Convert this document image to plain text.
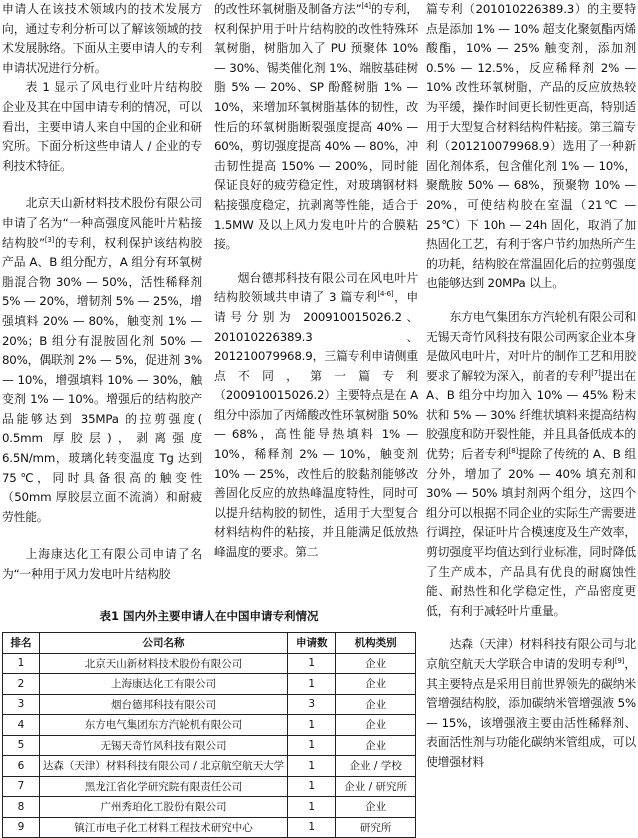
申请人在该技术领域内的技术发展方向，通过专利分析可以了解该领域的技术发展脉络。下面从主要申请人的专利申请状况进行分析。

表 1 显示了风电行业叶片结构胶企业及其在中国申请专利的情况，可以看出，主要申请人来自中国的企业和研究所。下面分析这些申请人 / 企业的专利技术特征。

北京天山新材料技术股份有限公司申请了名为“一种高强度风能叶片粘接结构胶”[3]的专利，权利保护该结构胶产品 A、B 组分配方，A 组分有环氧树脂混合物 30% — 50%，活性稀释剂 5% — 20%，增韧剂 5% — 25%，增强填料 20% — 80%，触变剂 1% — 20%；B 组分有混胺固化剂 50% — 80%，偶联剂 2% — 5%，促进剂 3% — 10%，增强填料 10% — 30%，触变剂 1% — 10%。增强后的结构胶产品能够达到 35MPa 的拉剪强度( 0.5mm 厚胶层)，剥离强度 6.5N/mm，玻璃化转变温度 Tg 达到 75℃，同时具备很高的触变性（50mm 厚胶层立面不流淌）和耐疲劳性能。

上海康达化工有限公司申请了名为“一种用于风力发电叶片结构胶

的改性环氧树脂及制备方法”[4]的专利，权利保护用于叶片结构胶的改性特殊环氧树脂，树脂加入了 PU 预聚体 10% — 30%、锡类催化剂 1%、端胺基硅树脂 5% — 20%、SP 酚醛树脂 1% — 10%，来增加环氧树脂基体的韧性，改性后的环氧树脂断裂强度提高 40% — 60%，剪切强度提高 40% — 80%，冲击韧性提高 150% — 200%，同时能保证良好的疲劳稳定性，对玻璃钢材料粘接强度稳定，抗剥离等性能，适合于 1.5MW 及以上风力发电叶片的合膜粘接。

烟台德邦科技有限公司在风电叶片结构胶领域共申请了 3 篇专利[4-6]，申请号分别为 200910015026.2、201010226389.3、201210079968.9，三篇专利申请侧重点不同，第一篇专利（200910015026.2）主要特点是在 A 组分中添加了丙烯酸改性环氧树脂 50% — 68%，高性能导热填料 1% — 10%，稀释剂 2% — 10%，触变剂 10% — 25%，改性后的胶黏剂能够改善固化反应的放热峰温度特性，同时可以提升结构胶的韧性，适用于大型复合材料结构件的粘接，并且能满足低放热峰温度的要求。第二

篇专利（201010226389.3）的主要特点是添加 1% — 10% 超支化聚氨酯丙烯酸酯，10% — 25% 触变剂，添加剂 0.5% — 12.5%，反应稀释剂 2% — 10% 改性环氧树脂，产品的反应放热较为平缓，操作时间更长韧性更高，特别适用于大型复合材料结构件粘接。第三篇专利（201210079968.9）选用了一种新固化剂体系，包含催化剂 1% — 10%，聚酰胺 50% — 68%，预聚物 10% — 20%，可使结构胶在室温（21℃ — 25℃）下 10h — 24h 固化，取消了加热固化工艺，有利于客户节约加热所产生的功耗，结构胶在常温固化后的拉剪强度也能够达到 20MPa 以上。

东方电气集团东方汽轮机有限公司和无锡天奇竹风科技有限公司两家企业本身是做风电叶片，对叶片的制作工艺和用胶要求了解较为深入，前者的专利[7]提出在 A、B 组分中均加入 10% — 45% 粉末状和 5% — 30% 纤维状填料来提高结构胶强度和防开裂性能，并且具备低成本的优势；后者专利[8]提除了传统的 A、B 组分外，增加了 20% — 40% 填充剂和 30% — 50% 填封剂两个组分，这四个组分可以根据不同企业的实际生产需要进行调控，保证叶片合模速度及生产效率，剪切强度平均值达到行业标准，同时降低了生产成本，产品具有优良的耐腐蚀性能、耐热性和化学稳定性，产品密度更低，有利于减轻叶片重量。

达森（天津）材料科技有限公司与北京航空航天大学联合申请的发明专利[9]，其主要特点是采用目前世界领先的碳纳米管增强结构胶，添加碳纳米管增强液 5% — 15%，该增强液主要由活性稀释剂、表面活性剂与功能化碳纳米管组成，可以使增强材料

表1 国内外主要申请人在中国申请专利情况
排名	公司名称	申请数	机构类别
1	北京天山新材料技术股份有限公司	1	企业
2	上海康达化工有限公司	1	企业
3	烟台德邦科技有限公司	3	企业
4	东方电气集团东方汽轮机有限公司	1	企业
5	无锡天奇竹风科技有限公司	1	企业
6	达森（天津）材料科技有限公司 / 北京航空航天大学	1	企业 / 学校
7	黑龙江省化学研究院有限责任公司	1	企业 / 研究所
8	广州秀珀化工股份有限公司	1	企业
9	镇江市电子化工材料工程技术研究中心	1	研究所
